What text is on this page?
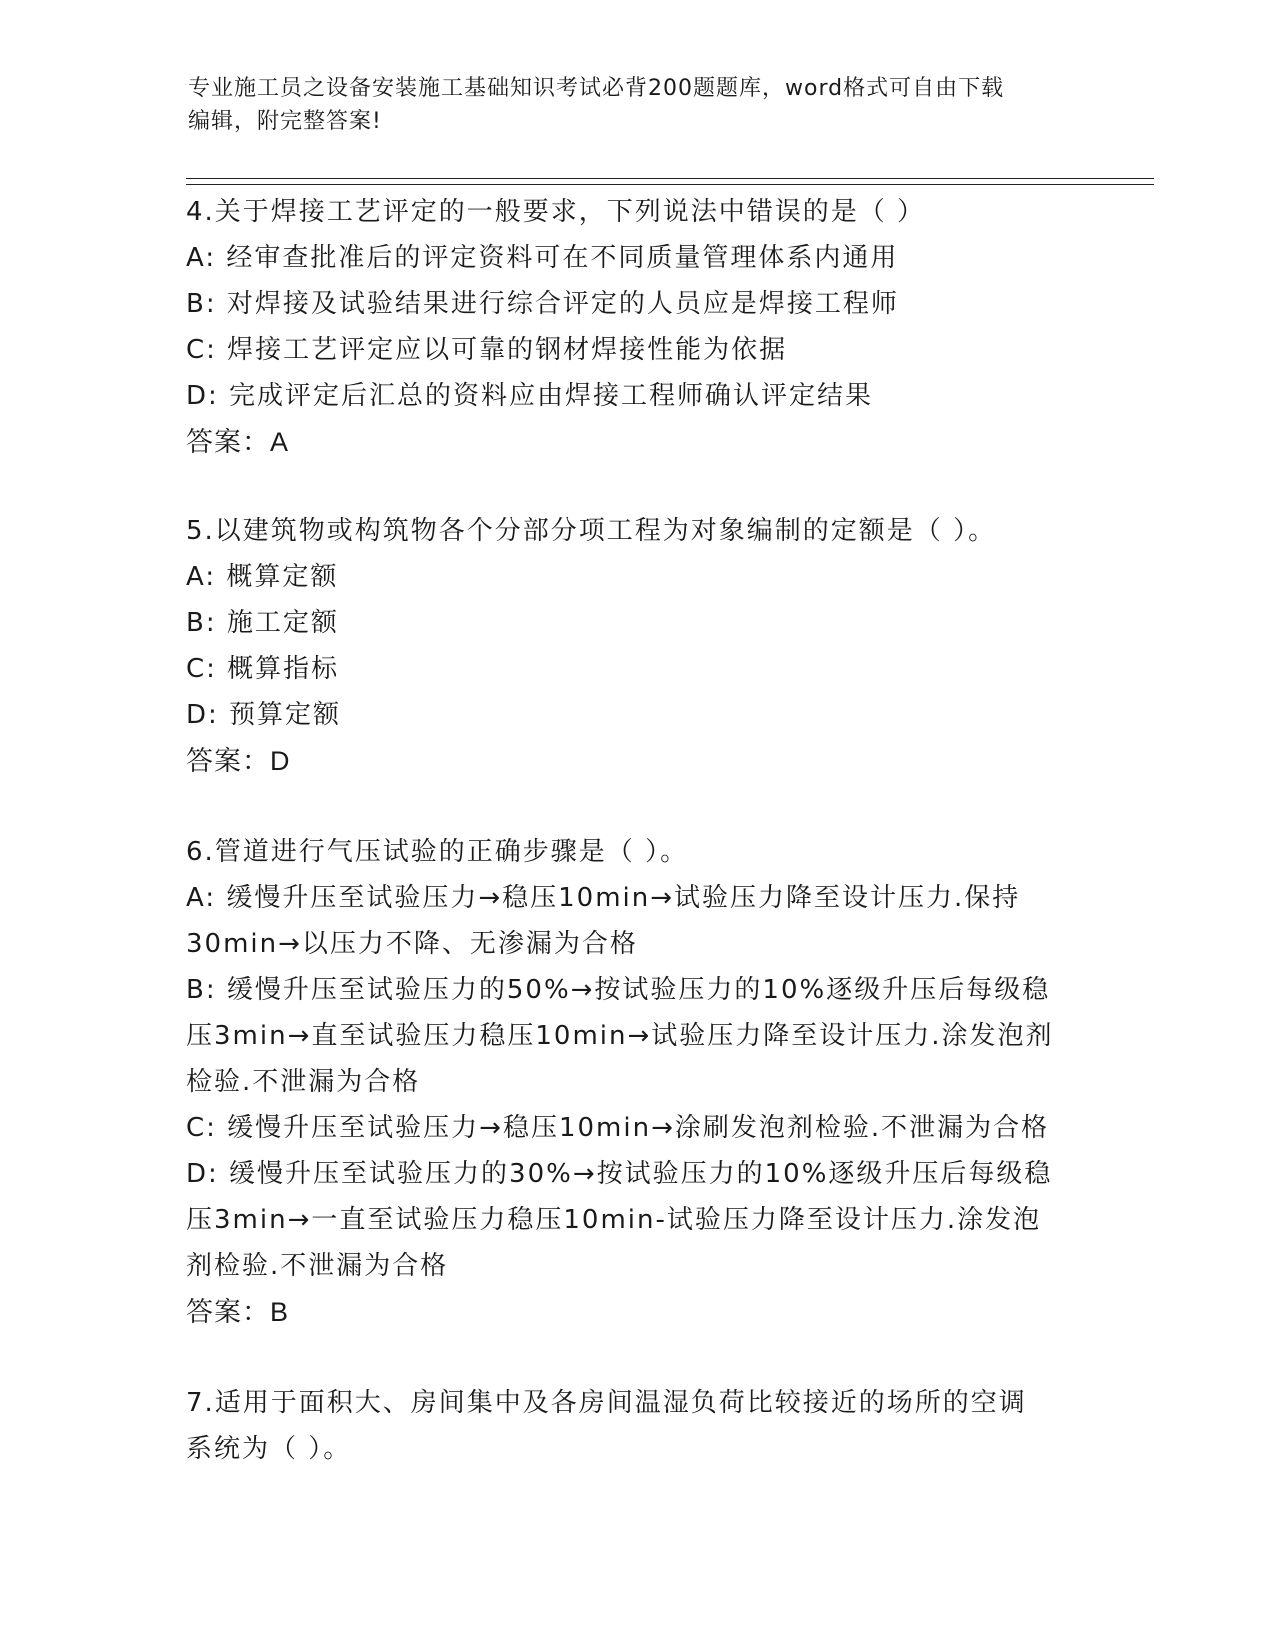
专业施工员之设备安装施工基础知识考试必背200题题库，word格式可自由下载
编辑，附完整答案!
4.关于焊接工艺评定的一般要求，下列说法中错误的是（ ）
A: 经审查批准后的评定资料可在不同质量管理体系内通用
B: 对焊接及试验结果进行综合评定的人员应是焊接工程师
C: 焊接工艺评定应以可靠的钢材焊接性能为依据
D: 完成评定后汇总的资料应由焊接工程师确认评定结果
答案：A
5.以建筑物或构筑物各个分部分项工程为对象编制的定额是（ ）。
A: 概算定额
B: 施工定额
C: 概算指标
D: 预算定额
答案：D
6.管道进行气压试验的正确步骤是（ ）。
A: 缓慢升压至试验压力→稳压10min→试验压力降至设计压力.保持
30min→以压力不降、无渗漏为合格
B: 缓慢升压至试验压力的50%→按试验压力的10%逐级升压后每级稳
压3min→直至试验压力稳压10min→试验压力降至设计压力.涂发泡剂
检验.不泄漏为合格
C: 缓慢升压至试验压力→稳压10min→涂刷发泡剂检验.不泄漏为合格
D: 缓慢升压至试验压力的30%→按试验压力的10%逐级升压后每级稳
压3min→一直至试验压力稳压10min-试验压力降至设计压力.涂发泡
剂检验.不泄漏为合格
答案：B
7.适用于面积大、房间集中及各房间温湿负荷比较接近的场所的空调
系统为（ ）。
